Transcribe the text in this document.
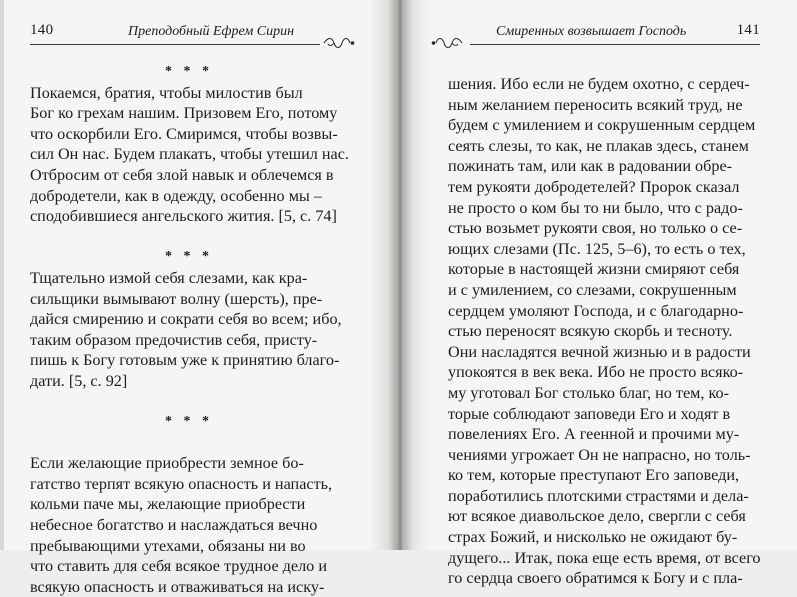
140	Преподобный Ефрем Сирин
* * *
Покаемся, братия, чтобы милостив был
Бог ко грехам нашим. Призовем Его, потому
что оскорбили Его. Смиримся, чтобы возвы-
сил Он нас. Будем плакать, чтобы утешил нас.
Отбросим от себя злой навык и облечемся в
добродетели, как в одежду, особенно мы –
сподобившиеся ангельского жития. [5, с. 74]
* * *
Тщательно измой себя слезами, как кра-
сильщики вымывают волну (шерсть), пре-
дайся смирению и сократи себя во всем; ибо,
таким образом предочистив себя, присту-
пишь к Богу готовым уже к принятию благо-
дати. [5, с. 92]
* * *
Если желающие приобрести земное бо-
гатство терпят всякую опасность и напасть,
кольми паче мы, желающие приобрести
небесное богатство и наслаждаться вечно
пребывающими утехами, обязаны ни во
что ставить для себя всякое трудное дело и
всякую опасность и отваживаться на иску-
Смиренных возвышает Господь	141
шения. Ибо если не будем охотно, с сердеч-
ным желанием переносить всякий труд, не
будем с умилением и сокрушенным сердцем
сеять слезы, то как, не плакав здесь, станем
пожинать там, или как в радовании обре-
тем рукояти добродетелей? Пророк сказал
не просто о ком бы то ни было, что с радо-
стью возьмет рукояти своя, но только о се-
ющих слезами (Пс. 125, 5–6), то есть о тех,
которые в настоящей жизни смиряют себя
и с умилением, со слезами, сокрушенным
сердцем умоляют Господа, и с благодарно-
стью переносят всякую скорбь и тесноту.
Они насладятся вечной жизнью и в радости
упокоятся в век века. Ибо не просто всяко-
му уготовал Бог столько благ, но тем, ко-
торые соблюдают заповеди Его и ходят в
повелениях Его. А геенной и прочими му-
чениями угрожает Он не напрасно, но толь-
ко тем, которые преступают Его заповеди,
поработились плотскими страстями и дела-
ют всякое диавольское дело, свергли с себя
страх Божий, и нисколько не ожидают бу-
дущего... Итак, пока еще есть время, от всего
го сердца своего обратимся к Богу и с пла-
